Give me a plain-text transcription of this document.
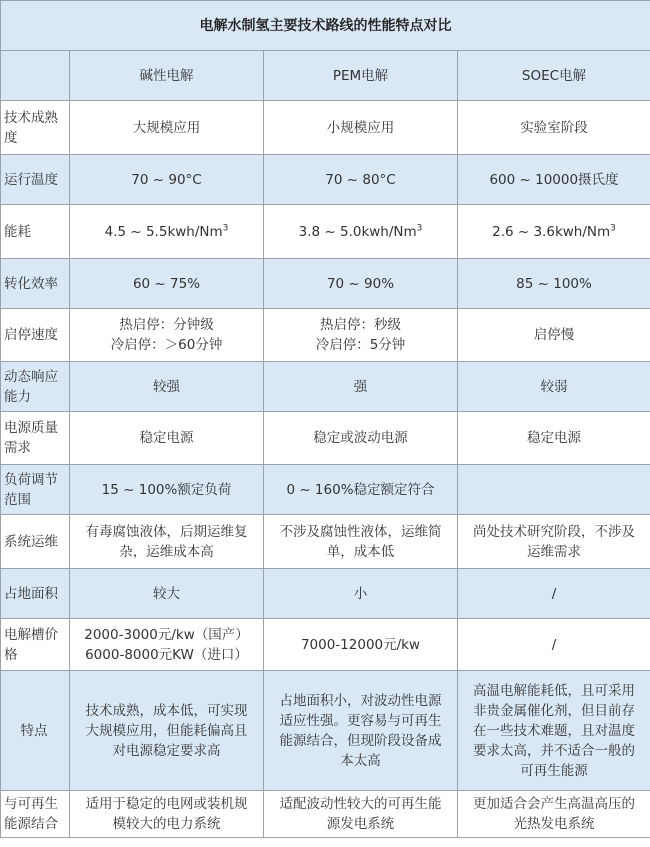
电解水制氢主要技术路线的性能特点对比			
	碱性电解	PEM电解	SOEC电解

技术成熟
度	大规模应用	小规模应用	实验室阶段

运行温度	70 ~ 90°C	70 ~ 80°C	600 ~ 10000摄氏度

能耗	4.5 ~ 5.5kwh/Nm$^3$	3.8 ~ 5.0kwh/Nm$^3$	2.6 ~ 3.6kwh/Nm$^3$

转化效率	60 ~ 75%	70 ~ 90%	85 ~ 100%

启停速度	热启停：分钟级
冷启停：＞60分钟	热启停：秒级
冷启停：5分钟	启停慢

动态响应
能力	较强	强	较弱

电源质量
需求	稳定电源	稳定或波动电源	稳定电源

负荷调节
范围	15 ~ 100%额定负荷	0 ~ 160%稳定额定符合	

系统运维	有毒腐蚀液体，后期运维复
杂，运维成本高	不涉及腐蚀性液体，运维简
单，成本低	尚处技术研究阶段，不涉及
运维需求

占地面积	较大	小	/

电解槽价
格	2000-3000元/kw（国产）
6000-8000元KW（进口）	7000-12000元/kw	/

特点	技术成熟，成本低，可实现
大规模应用，但能耗偏高且
对电源稳定要求高	占地面积小，对波动性电源
适应性强。更容易与可再生
能源结合，但现阶段设备成
本太高	高温电解能耗低，且可采用
非贵金属催化剂，但目前存
在一些技术难题，且对温度
要求太高，并不适合一般的
可再生能源

与可再生
能源结合	适用于稳定的电网或装机规
模较大的电力系统	适配波动性较大的可再生能
源发电系统	更加适合会产生高温高压的
光热发电系统
